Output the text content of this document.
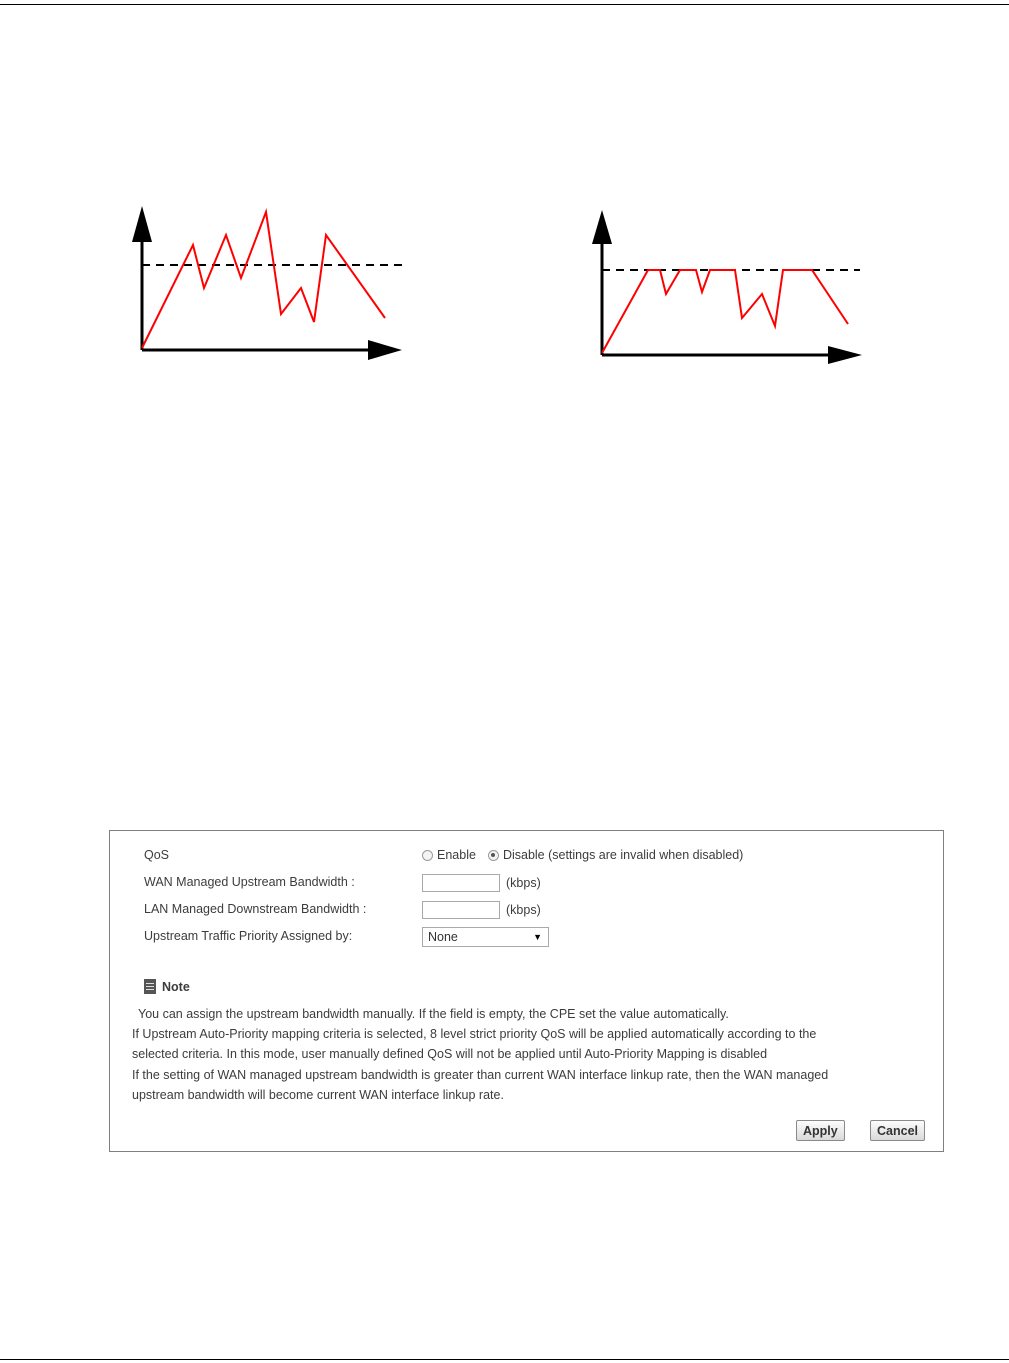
QoS	Enable Disable (settings are invalid when disabled)
WAN Managed Upstream Bandwidth :	(kbps)
LAN Managed Downstream Bandwidth :	(kbps)
Upstream Traffic Priority Assigned by:	None	▼
Note
You can assign the upstream bandwidth manually. If the field is empty, the CPE set the value automatically.
If Upstream Auto-Priority mapping criteria is selected, 8 level strict priority QoS will be applied automatically according to the
selected criteria. In this mode, user manually defined QoS will not be applied until Auto-Priority Mapping is disabled
If the setting of WAN managed upstream bandwidth is greater than current WAN interface linkup rate, then the WAN managed
upstream bandwidth will become current WAN interface linkup rate.
Apply	Cancel
